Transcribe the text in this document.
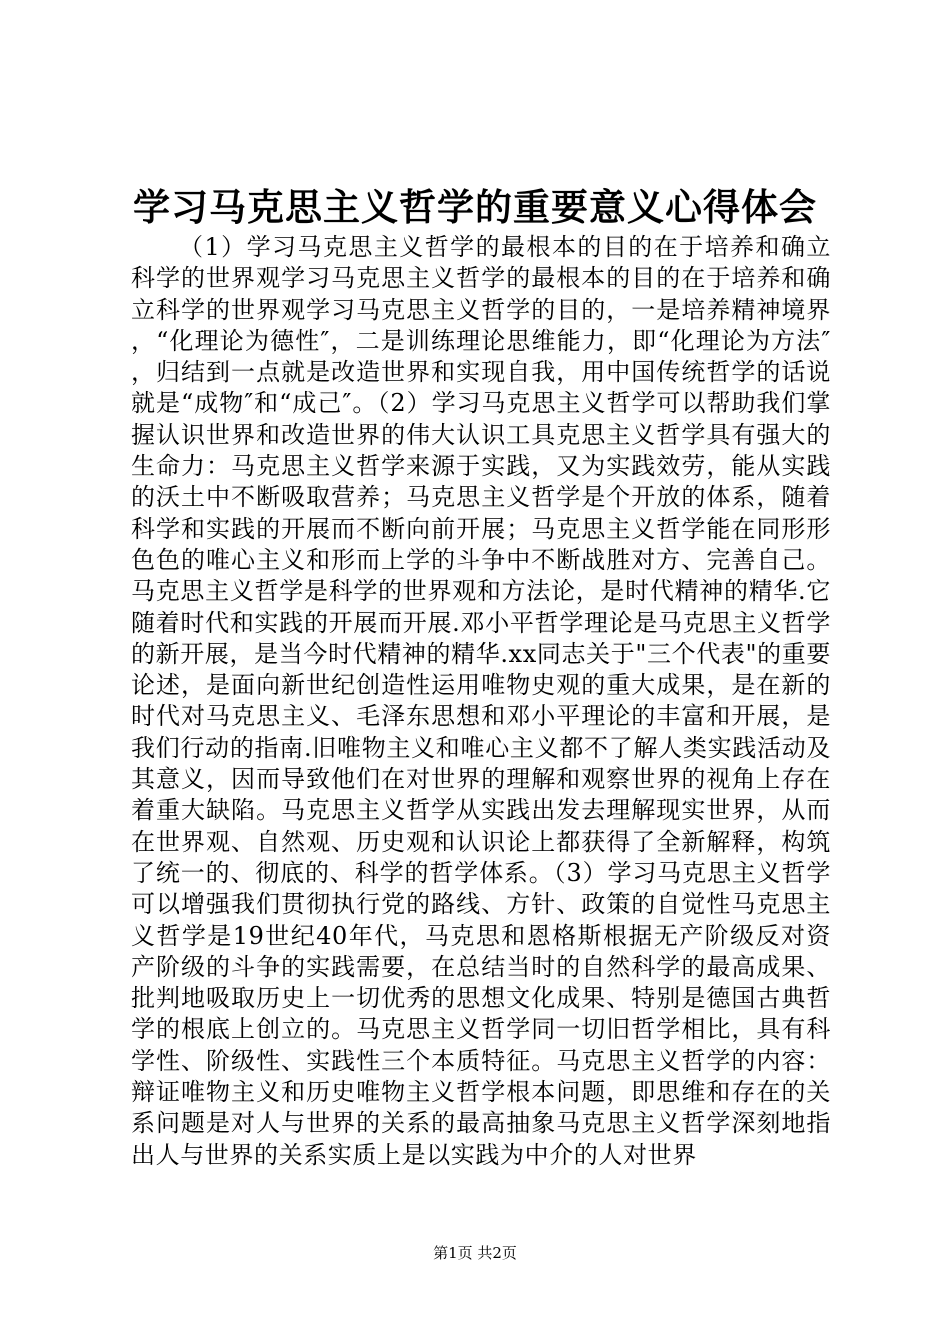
学习马克思主义哲学的重要意义心得体会

（1）学习马克思主义哲学的最根本的目的在于培养和确立科学的世界观学习马克思主义哲学的最根本的目的在于培养和确立科学的世界观学习马克思主义哲学的目的，一是培养精神境界，“化理论为德性″，二是训练理论思维能力，即“化理论为方法″，归结到一点就是改造世界和实现自我，用中国传统哲学的话说就是“成物″和“成己″。（2）学习马克思主义哲学可以帮助我们掌握认识世界和改造世界的伟大认识工具克思主义哲学具有强大的生命力：马克思主义哲学来源于实践，又为实践效劳，能从实践的沃土中不断吸取营养；马克思主义哲学是个开放的体系，随着科学和实践的开展而不断向前开展；马克思主义哲学能在同形形色色的唯心主义和形而上学的斗争中不断战胜对方、完善自己。马克思主义哲学是科学的世界观和方法论，是时代精神的精华.它随着时代和实践的开展而开展.邓小平哲学理论是马克思主义哲学的新开展，是当今时代精神的精华.xx同志关于"三个代表"的重要论述，是面向新世纪创造性运用唯物史观的重大成果，是在新的时代对马克思主义、毛泽东思想和邓小平理论的丰富和开展，是我们行动的指南.旧唯物主义和唯心主义都不了解人类实践活动及其意义，因而导致他们在对世界的理解和观察世界的视角上存在着重大缺陷。马克思主义哲学从实践出发去理解现实世界，从而在世界观、自然观、历史观和认识论上都获得了全新解释，构筑了统一的、彻底的、科学的哲学体系。（3）学习马克思主义哲学可以增强我们贯彻执行党的路线、方针、政策的自觉性马克思主义哲学是19世纪40年代，马克思和恩格斯根据无产阶级反对资产阶级的斗争的实践需要，在总结当时的自然科学的最高成果、批判地吸取历史上一切优秀的思想文化成果、特别是德国古典哲学的根底上创立的。马克思主义哲学同一切旧哲学相比，具有科学性、阶级性、实践性三个本质特征。马克思主义哲学的内容：辩证唯物主义和历史唯物主义哲学根本问题，即思维和存在的关系问题是对人与世界的关系的最高抽象马克思主义哲学深刻地指出人与世界的关系实质上是以实践为中介的人对世界

第1页 共2页
